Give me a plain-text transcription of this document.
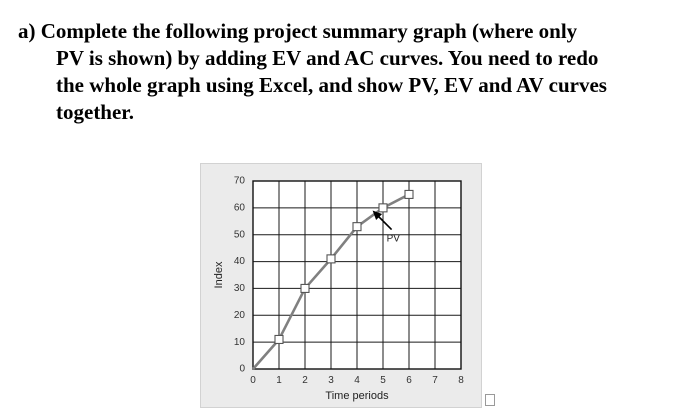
a) Complete the following project summary graph (where only
PV is shown) by adding EV and AC curves. You need to redo
the whole graph using Excel, and show PV, EV and AV curves
together.
0
10
20
30
40
50
60
70
0 1 2 3 4 5 6 7 8
Index
Time periods
PV
